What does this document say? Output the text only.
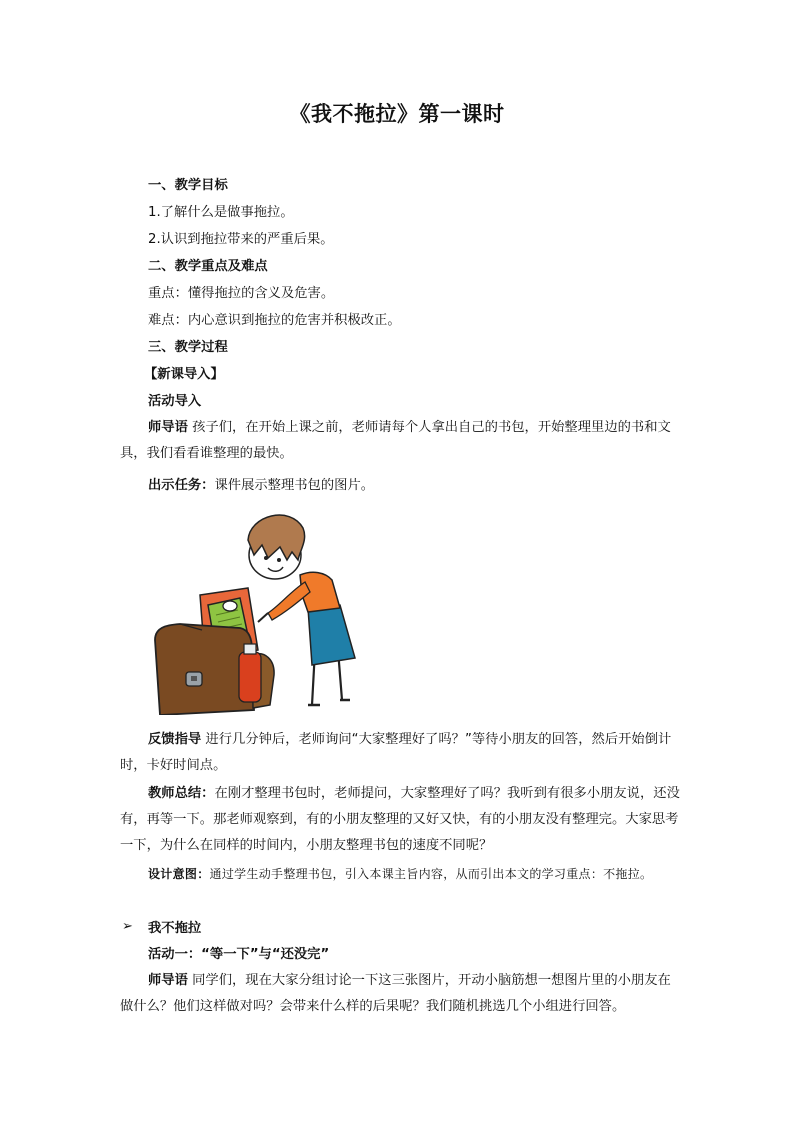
《我不拖拉》第一课时
一、教学目标
1.了解什么是做事拖拉。
2.认识到拖拉带来的严重后果。
二、教学重点及难点
重点：懂得拖拉的含义及危害。
难点：内心意识到拖拉的危害并积极改正。
三、教学过程
【新课导入】
活动导入
师导语 孩子们，在开始上课之前，老师请每个人拿出自己的书包，开始整理里边的书和文具，我们看看谁整理的最快。
出示任务：课件展示整理书包的图片。
反馈指导 进行几分钟后，老师询问“大家整理好了吗？”等待小朋友的回答，然后开始倒计时，卡好时间点。
教师总结：在刚才整理书包时，老师提问，大家整理好了吗？我听到有很多小朋友说，还没有，再等一下。那老师观察到，有的小朋友整理的又好又快，有的小朋友没有整理完。大家思考一下，为什么在同样的时间内，小朋友整理书包的速度不同呢？
设计意图：通过学生动手整理书包，引入本课主旨内容，从而引出本文的学习重点：不拖拉。
➢ 我不拖拉
活动一：“等一下”与“还没完”
师导语 同学们，现在大家分组讨论一下这三张图片，开动小脑筋想一想图片里的小朋友在做什么？他们这样做对吗？会带来什么样的后果呢？我们随机挑选几个小组进行回答。
